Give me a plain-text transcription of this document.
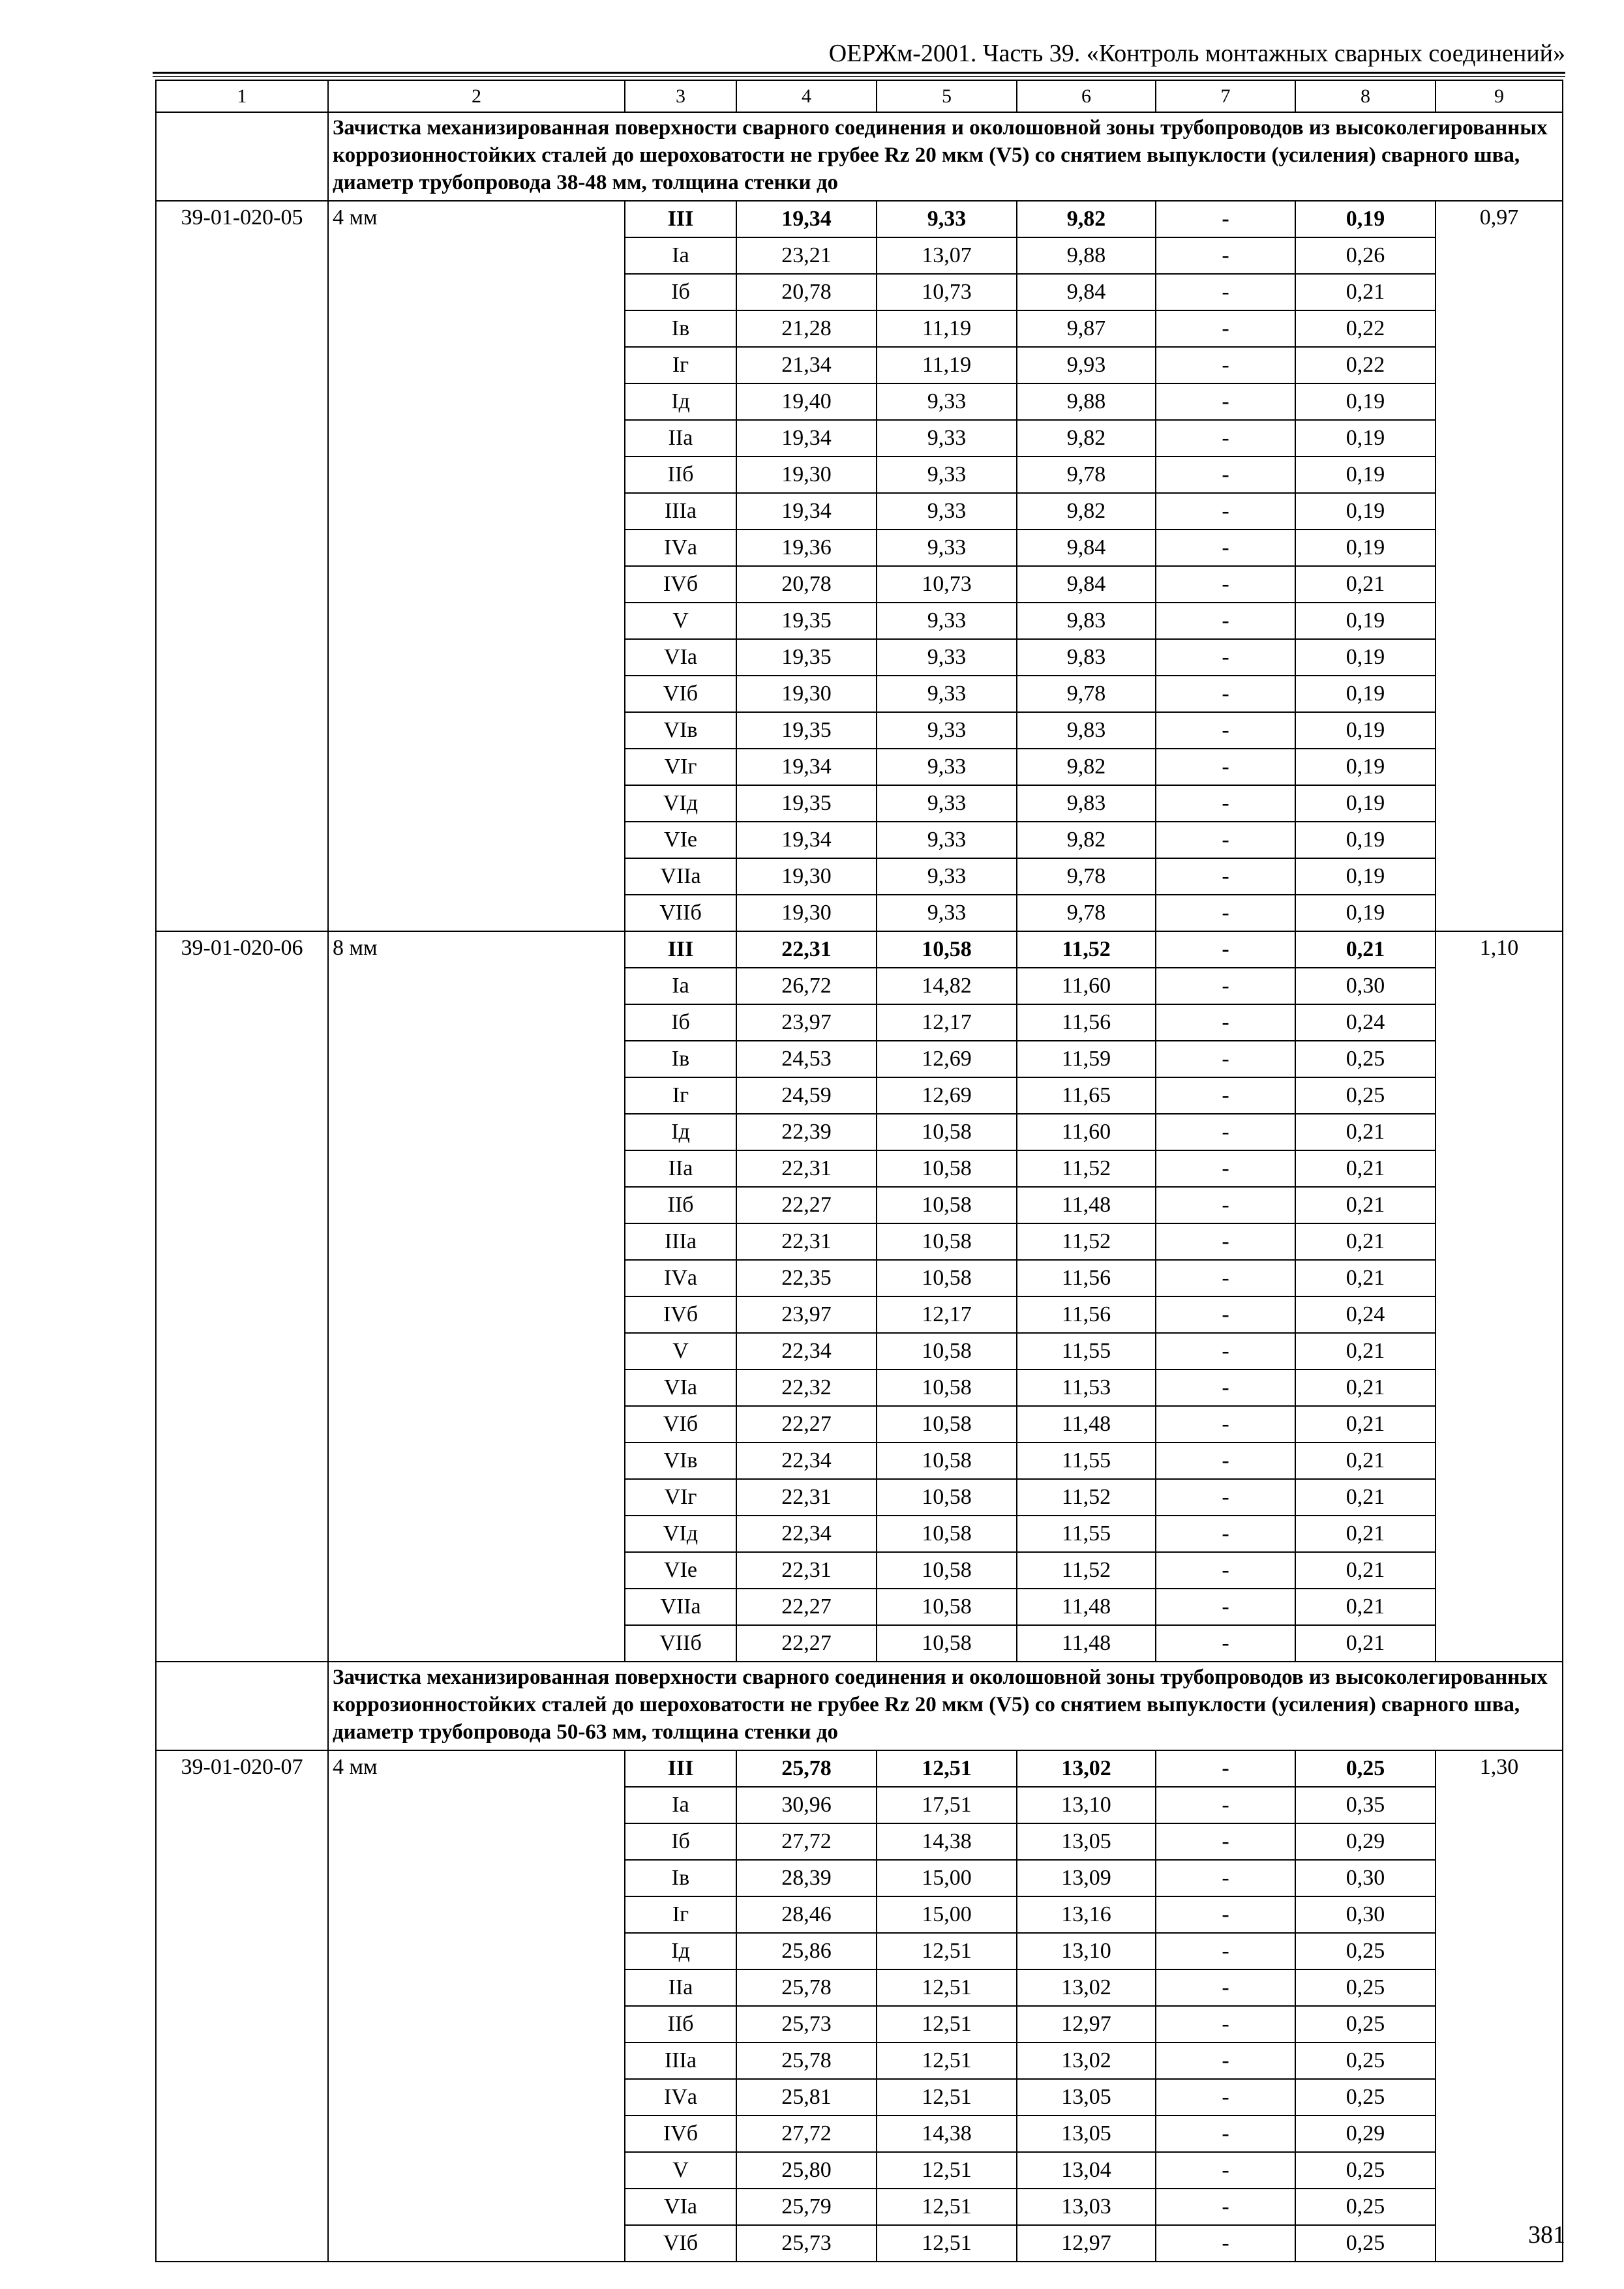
ОЕРЖм-2001. Часть 39. «Контроль монтажных сварных соединений»
1	2	3	4	5	6	7	8	9
	Зачистка механизированная поверхности сварного соединения и околошовной зоны трубопроводов из высоколегированных коррозионностойких сталей до шероховатости не грубее Rz 20 мкм (V5) со снятием выпуклости (усиления) сварного шва, диаметр трубопровода 38-48 мм, толщина стенки до							
39-01-020-05	4 мм	III	19,34	9,33	9,82	-	0,19	0,97
		Iа	23,21	13,07	9,88	-	0,26	
		Iб	20,78	10,73	9,84	-	0,21	
		Iв	21,28	11,19	9,87	-	0,22	
		Iг	21,34	11,19	9,93	-	0,22	
		Iд	19,40	9,33	9,88	-	0,19	
		IIа	19,34	9,33	9,82	-	0,19	
		IIб	19,30	9,33	9,78	-	0,19	
		IIIа	19,34	9,33	9,82	-	0,19	
		IVа	19,36	9,33	9,84	-	0,19	
		IVб	20,78	10,73	9,84	-	0,21	
		V	19,35	9,33	9,83	-	0,19	
		VIа	19,35	9,33	9,83	-	0,19	
		VIб	19,30	9,33	9,78	-	0,19	
		VIв	19,35	9,33	9,83	-	0,19	
		VIг	19,34	9,33	9,82	-	0,19	
		VIд	19,35	9,33	9,83	-	0,19	
		VIе	19,34	9,33	9,82	-	0,19	
		VIIа	19,30	9,33	9,78	-	0,19	
		VIIб	19,30	9,33	9,78	-	0,19	
39-01-020-06	8 мм	III	22,31	10,58	11,52	-	0,21	1,10
		Iа	26,72	14,82	11,60	-	0,30	
		Iб	23,97	12,17	11,56	-	0,24	
		Iв	24,53	12,69	11,59	-	0,25	
		Iг	24,59	12,69	11,65	-	0,25	
		Iд	22,39	10,58	11,60	-	0,21	
		IIа	22,31	10,58	11,52	-	0,21	
		IIб	22,27	10,58	11,48	-	0,21	
		IIIа	22,31	10,58	11,52	-	0,21	
		IVа	22,35	10,58	11,56	-	0,21	
		IVб	23,97	12,17	11,56	-	0,24	
		V	22,34	10,58	11,55	-	0,21	
		VIа	22,32	10,58	11,53	-	0,21	
		VIб	22,27	10,58	11,48	-	0,21	
		VIв	22,34	10,58	11,55	-	0,21	
		VIг	22,31	10,58	11,52	-	0,21	
		VIд	22,34	10,58	11,55	-	0,21	
		VIе	22,31	10,58	11,52	-	0,21	
		VIIа	22,27	10,58	11,48	-	0,21	
		VIIб	22,27	10,58	11,48	-	0,21	
	Зачистка механизированная поверхности сварного соединения и околошовной зоны трубопроводов из высоколегированных коррозионностойких сталей до шероховатости не грубее Rz 20 мкм (V5) со снятием выпуклости (усиления) сварного шва, диаметр трубопровода 50-63 мм, толщина стенки до							
39-01-020-07	4 мм	III	25,78	12,51	13,02	-	0,25	1,30
		Iа	30,96	17,51	13,10	-	0,35	
		Iб	27,72	14,38	13,05	-	0,29	
		Iв	28,39	15,00	13,09	-	0,30	
		Iг	28,46	15,00	13,16	-	0,30	
		Iд	25,86	12,51	13,10	-	0,25	
		IIа	25,78	12,51	13,02	-	0,25	
		IIб	25,73	12,51	12,97	-	0,25	
		IIIа	25,78	12,51	13,02	-	0,25	
		IVа	25,81	12,51	13,05	-	0,25	
		IVб	27,72	14,38	13,05	-	0,29	
		V	25,80	12,51	13,04	-	0,25	
		VIа	25,79	12,51	13,03	-	0,25	
		VIб	25,73	12,51	12,97	-	0,25		381
